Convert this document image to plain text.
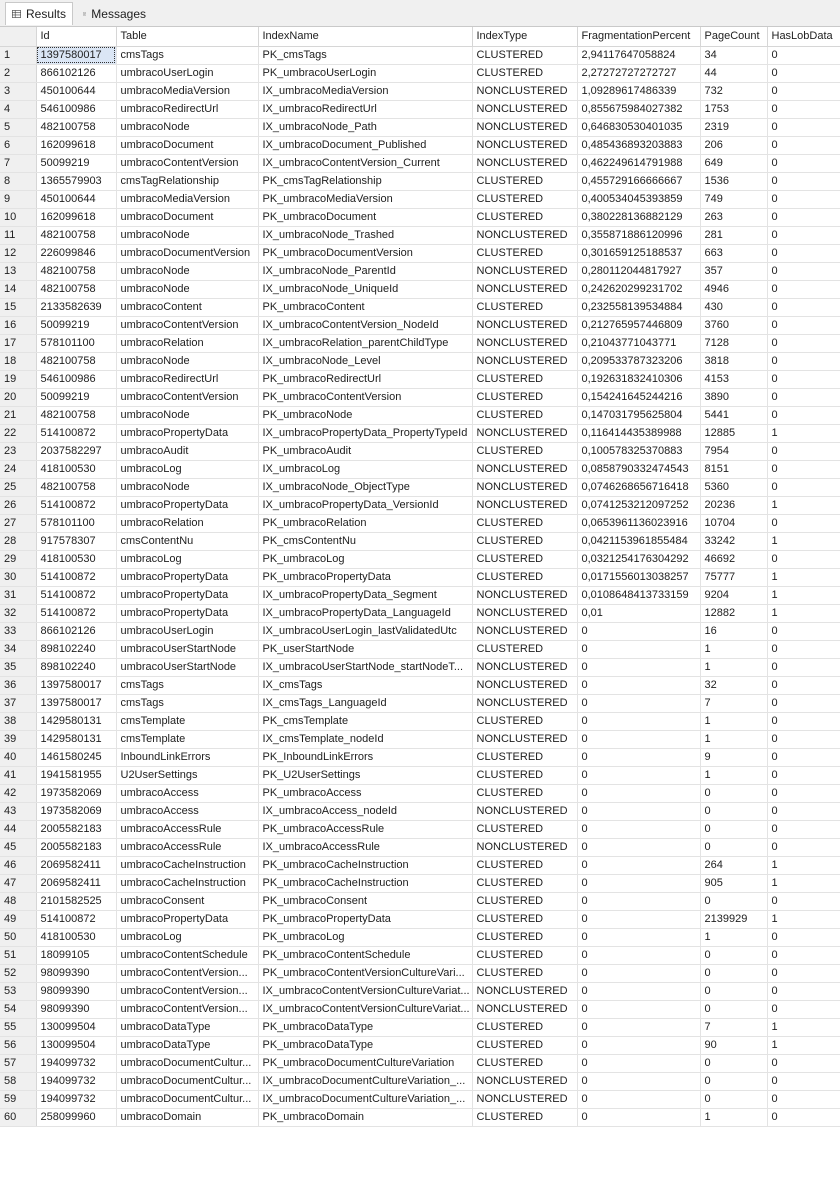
Results Messages
	Id	Table	IndexName	IndexType	FragmentationPercent	PageCount	HasLobData
1	1397580017	cmsTags	PK_cmsTags	CLUSTERED	2,94117647058824	34	0
2	866102126	umbracoUserLogin	PK_umbracoUserLogin	CLUSTERED	2,27272727272727	44	0
3	450100644	umbracoMediaVersion	IX_umbracoMediaVersion	NONCLUSTERED	1,09289617486339	732	0
4	546100986	umbracoRedirectUrl	IX_umbracoRedirectUrl	NONCLUSTERED	0,855675984027382	1753	0
5	482100758	umbracoNode	IX_umbracoNode_Path	NONCLUSTERED	0,646830530401035	2319	0
6	162099618	umbracoDocument	IX_umbracoDocument_Published	NONCLUSTERED	0,485436893203883	206	0
7	50099219	umbracoContentVersion	IX_umbracoContentVersion_Current	NONCLUSTERED	0,462249614791988	649	0
8	1365579903	cmsTagRelationship	PK_cmsTagRelationship	CLUSTERED	0,455729166666667	1536	0
9	450100644	umbracoMediaVersion	PK_umbracoMediaVersion	CLUSTERED	0,400534045393859	749	0
10	162099618	umbracoDocument	PK_umbracoDocument	CLUSTERED	0,380228136882129	263	0
11	482100758	umbracoNode	IX_umbracoNode_Trashed	NONCLUSTERED	0,355871886120996	281	0
12	226099846	umbracoDocumentVersion	PK_umbracoDocumentVersion	CLUSTERED	0,301659125188537	663	0
13	482100758	umbracoNode	IX_umbracoNode_ParentId	NONCLUSTERED	0,280112044817927	357	0
14	482100758	umbracoNode	IX_umbracoNode_UniqueId	NONCLUSTERED	0,242620299231702	4946	0
15	2133582639	umbracoContent	PK_umbracoContent	CLUSTERED	0,232558139534884	430	0
16	50099219	umbracoContentVersion	IX_umbracoContentVersion_NodeId	NONCLUSTERED	0,212765957446809	3760	0
17	578101100	umbracoRelation	IX_umbracoRelation_parentChildType	NONCLUSTERED	0,21043771043771	7128	0
18	482100758	umbracoNode	IX_umbracoNode_Level	NONCLUSTERED	0,209533787323206	3818	0
19	546100986	umbracoRedirectUrl	PK_umbracoRedirectUrl	CLUSTERED	0,192631832410306	4153	0
20	50099219	umbracoContentVersion	PK_umbracoContentVersion	CLUSTERED	0,154241645244216	3890	0
21	482100758	umbracoNode	PK_umbracoNode	CLUSTERED	0,147031795625804	5441	0
22	514100872	umbracoPropertyData	IX_umbracoPropertyData_PropertyTypeId	NONCLUSTERED	0,116414435389988	12885	1
23	2037582297	umbracoAudit	PK_umbracoAudit	CLUSTERED	0,100578325370883	7954	0
24	418100530	umbracoLog	IX_umbracoLog	NONCLUSTERED	0,0858790332474543	8151	0
25	482100758	umbracoNode	IX_umbracoNode_ObjectType	NONCLUSTERED	0,0746268656716418	5360	0
26	514100872	umbracoPropertyData	IX_umbracoPropertyData_VersionId	NONCLUSTERED	0,0741253212097252	20236	1
27	578101100	umbracoRelation	PK_umbracoRelation	CLUSTERED	0,0653961136023916	10704	0
28	917578307	cmsContentNu	PK_cmsContentNu	CLUSTERED	0,0421153961855484	33242	1
29	418100530	umbracoLog	PK_umbracoLog	CLUSTERED	0,0321254176304292	46692	0
30	514100872	umbracoPropertyData	PK_umbracoPropertyData	CLUSTERED	0,0171556013038257	75777	1
31	514100872	umbracoPropertyData	IX_umbracoPropertyData_Segment	NONCLUSTERED	0,0108648413733159	9204	1
32	514100872	umbracoPropertyData	IX_umbracoPropertyData_LanguageId	NONCLUSTERED	0,01	12882	1
33	866102126	umbracoUserLogin	IX_umbracoUserLogin_lastValidatedUtc	NONCLUSTERED	0	16	0
34	898102240	umbracoUserStartNode	PK_userStartNode	CLUSTERED	0	1	0
35	898102240	umbracoUserStartNode	IX_umbracoUserStartNode_startNodeT...	NONCLUSTERED	0	1	0
36	1397580017	cmsTags	IX_cmsTags	NONCLUSTERED	0	32	0
37	1397580017	cmsTags	IX_cmsTags_LanguageId	NONCLUSTERED	0	7	0
38	1429580131	cmsTemplate	PK_cmsTemplate	CLUSTERED	0	1	0
39	1429580131	cmsTemplate	IX_cmsTemplate_nodeId	NONCLUSTERED	0	1	0
40	1461580245	InboundLinkErrors	PK_InboundLinkErrors	CLUSTERED	0	9	0
41	1941581955	U2UserSettings	PK_U2UserSettings	CLUSTERED	0	1	0
42	1973582069	umbracoAccess	PK_umbracoAccess	CLUSTERED	0	0	0
43	1973582069	umbracoAccess	IX_umbracoAccess_nodeId	NONCLUSTERED	0	0	0
44	2005582183	umbracoAccessRule	PK_umbracoAccessRule	CLUSTERED	0	0	0
45	2005582183	umbracoAccessRule	IX_umbracoAccessRule	NONCLUSTERED	0	0	0
46	2069582411	umbracoCacheInstruction	PK_umbracoCacheInstruction	CLUSTERED	0	264	1
47	2069582411	umbracoCacheInstruction	PK_umbracoCacheInstruction	CLUSTERED	0	905	1
48	2101582525	umbracoConsent	PK_umbracoConsent	CLUSTERED	0	0	0
49	514100872	umbracoPropertyData	PK_umbracoPropertyData	CLUSTERED	0	2139929	1
50	418100530	umbracoLog	PK_umbracoLog	CLUSTERED	0	1	0
51	18099105	umbracoContentSchedule	PK_umbracoContentSchedule	CLUSTERED	0	0	0
52	98099390	umbracoContentVersion...	PK_umbracoContentVersionCultureVari...	CLUSTERED	0	0	0
53	98099390	umbracoContentVersion...	IX_umbracoContentVersionCultureVariat...	NONCLUSTERED	0	0	0
54	98099390	umbracoContentVersion...	IX_umbracoContentVersionCultureVariat...	NONCLUSTERED	0	0	0
55	130099504	umbracoDataType	PK_umbracoDataType	CLUSTERED	0	7	1
56	130099504	umbracoDataType	PK_umbracoDataType	CLUSTERED	0	90	1
57	194099732	umbracoDocumentCultur...	PK_umbracoDocumentCultureVariation	CLUSTERED	0	0	0
58	194099732	umbracoDocumentCultur...	IX_umbracoDocumentCultureVariation_...	NONCLUSTERED	0	0	0
59	194099732	umbracoDocumentCultur...	IX_umbracoDocumentCultureVariation_...	NONCLUSTERED	0	0	0
60	258099960	umbracoDomain	PK_umbracoDomain	CLUSTERED	0	1	0
